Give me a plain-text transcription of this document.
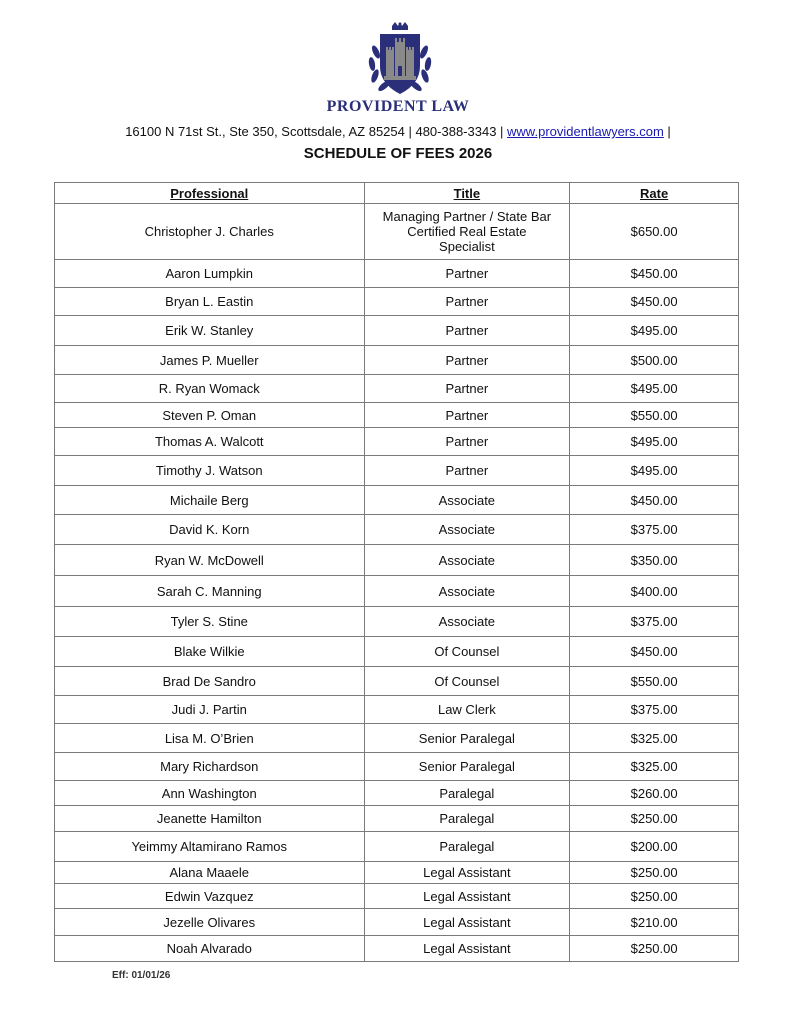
PROVIDENT LAW
16100 N 71st St., Ste 350, Scottsdale, AZ 85254 | 480-388-3343 | www.providentlawyers.com |
SCHEDULE OF FEES 2026
Professional	Title	Rate
Christopher J. Charles	Managing Partner / State Bar Certified Real Estate Specialist	$650.00
Aaron Lumpkin	Partner	$450.00
Bryan L. Eastin	Partner	$450.00
Erik W. Stanley	Partner	$495.00
James P. Mueller	Partner	$500.00
R. Ryan Womack	Partner	$495.00
Steven P. Oman	Partner	$550.00
Thomas A. Walcott	Partner	$495.00
Timothy J. Watson	Partner	$495.00
Michaile Berg	Associate	$450.00
David K. Korn	Associate	$375.00
Ryan W. McDowell	Associate	$350.00
Sarah C. Manning	Associate	$400.00
Tyler S. Stine	Associate	$375.00
Blake Wilkie	Of Counsel	$450.00
Brad De Sandro	Of Counsel	$550.00
Judi J. Partin	Law Clerk	$375.00
Lisa M. O’Brien	Senior Paralegal	$325.00
Mary Richardson	Senior Paralegal	$325.00
Ann Washington	Paralegal	$260.00
Jeanette Hamilton	Paralegal	$250.00
Yeimmy Altamirano Ramos	Paralegal	$200.00
Alana Maaele	Legal Assistant	$250.00
Edwin Vazquez	Legal Assistant	$250.00
Jezelle Olivares	Legal Assistant	$210.00
Noah Alvarado	Legal Assistant	$250.00
Eff: 01/01/26
